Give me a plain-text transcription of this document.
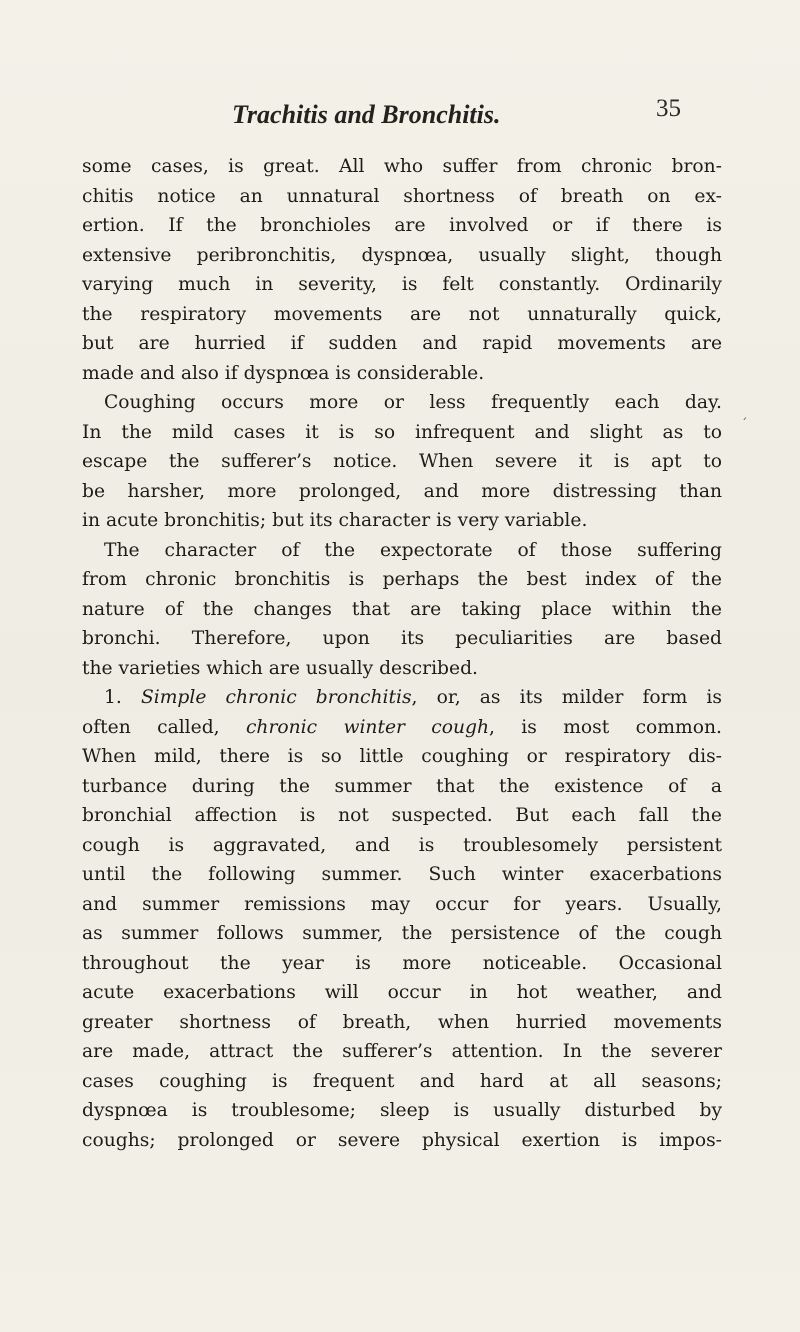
Trachitis and Bronchitis.	35
ˏ
some cases, is great. All who suffer from chronic bron-
chitis notice an unnatural shortness of breath on ex-
ertion. If the bronchioles are involved or if there is
extensive peribronchitis, dyspnœa, usually slight, though
varying much in severity, is felt constantly. Ordinarily
the respiratory movements are not unnaturally quick,
but are hurried if sudden and rapid movements are
made and also if dyspnœa is considerable.
Coughing occurs more or less frequently each day.
In the mild cases it is so infrequent and slight as to
escape the sufferer’s notice. When severe it is apt to
be harsher, more prolonged, and more distressing than
in acute bronchitis; but its character is very variable.
The character of the expectorate of those suffering
from chronic bronchitis is perhaps the best index of the
nature of the changes that are taking place within the
bronchi. Therefore, upon its peculiarities are based
the varieties which are usually described.
1. Simple chronic bronchitis, or, as its milder form is
often called, chronic winter cough, is most common.
When mild, there is so little coughing or respiratory dis-
turbance during the summer that the existence of a
bronchial affection is not suspected. But each fall the
cough is aggravated, and is troublesomely persistent
until the following summer. Such winter exacerbations
and summer remissions may occur for years. Usually,
as summer follows summer, the persistence of the cough
throughout the year is more noticeable. Occasional
acute exacerbations will occur in hot weather, and
greater shortness of breath, when hurried movements
are made, attract the sufferer’s attention. In the severer
cases coughing is frequent and hard at all seasons;
dyspnœa is troublesome; sleep is usually disturbed by
coughs; prolonged or severe physical exertion is impos-
